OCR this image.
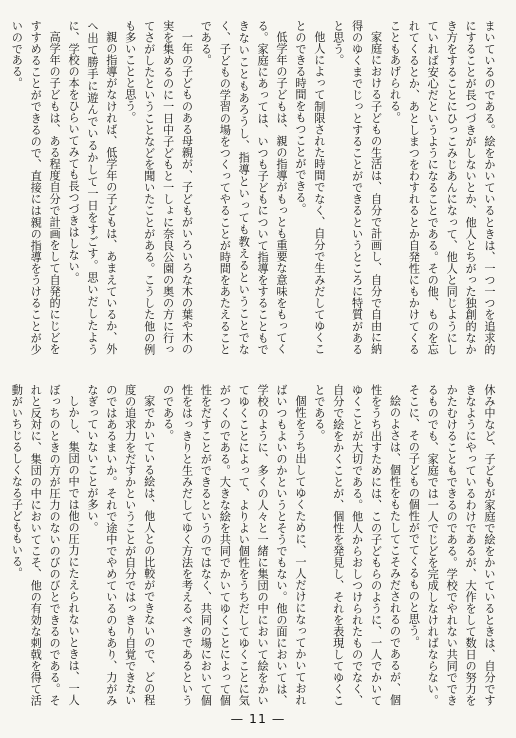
まいているのである。絵をかいているときは、一つ一つを追求的にすることが長つづきがしないとか、他人とちがった独創的なかき方をすることにひっこみじあんになって、他人と同じようにしていれば安心だというようになることである。その他、ものを忘れてくるとか、あとしまつをわすれるとか自発性にもかけてくることもあげられる。

家庭における子どもの生活は、自分で計画し、自分で自由に納得のゆくまでじっとすることができるというところに特質があると思う。

他人によって制限された時間でなく、自分で生みだしてゆくことのできる時間をもつことができる。

低学年の子どもは、親の指導がもっとも重要な意味をもってくる。家庭にあっては、いつも子どもについて指導をすることもできないこともあろうし、指導といっても教えるということでなく、子どもの学習の場をつくってやることが時間をあたえることである。

一年の子どものある母親が、子どもがいろいろな木の葉や木の実を集めるのに一日中子どもと一しょに奈良公園の奥の方に行ってさがしたということなどを聞いたことがある。こうした他の例も多いことと思う。

親の指導がなければ、低学年の子どもは、あまえているか、外へ出て勝手に遊んでいるかして一日をすごす。思いだしたように、学校の本をひらいてみても長つづきはしない。

高学年の子どもは、ある程度自分で計画をして自発的にじどをすすめることができるので、直接には親の指導をうけることが少いのである。

休み中など、子どもが家庭で絵をかいているときは、自分ですきなようにやっているわけであるが、大作をして数日の努力をかたむけることもできるのである。学校でやれない共同でできるものでも、家庭では一人でじどを完成しなければならない。そこに、その子どもの個性がでてくるものと思う。

絵のよさは、個性をもたしてこそみだされるのであるが、個性をうち出すためには、この子どもらのように、一人でかいてゆくことが大切である。他人からおしつけられたものでなく、自分で絵をかくことが、個性を発見し、それを表現してゆくことである。

個性をうち出してゆくために、一人だけになってかいておればいつもよいのかというとそうでもない。他の面においては、学校のように、多くの人々と一緒に集団の中において絵をかいてゆくことによって、よりよい個性をうちだしてゆくことに気がつくのである。大きな絵を共同でかいてゆくことによって個性をだすことができるというのではなく、共同の場において個性をはっきりと生みだしてゆく方法を考えるべきであるというのである。

家でかいている絵は、他人との比較ができないので、どの程度の追求力をだすかということが自分ではっきり自覚できないのではあるまいか。それで途中でやめているのもあり、力がみなぎっていないことが多い。

しかし、集団の中では他の圧力にたえられないときは、一人ぼっちのときの方が圧力のないのびのびとできるのである。それと反対に、集団の中においてこそ、他の有効な刺戟を得て活動がいちじるしくなる子どももいる。

— 11 —
